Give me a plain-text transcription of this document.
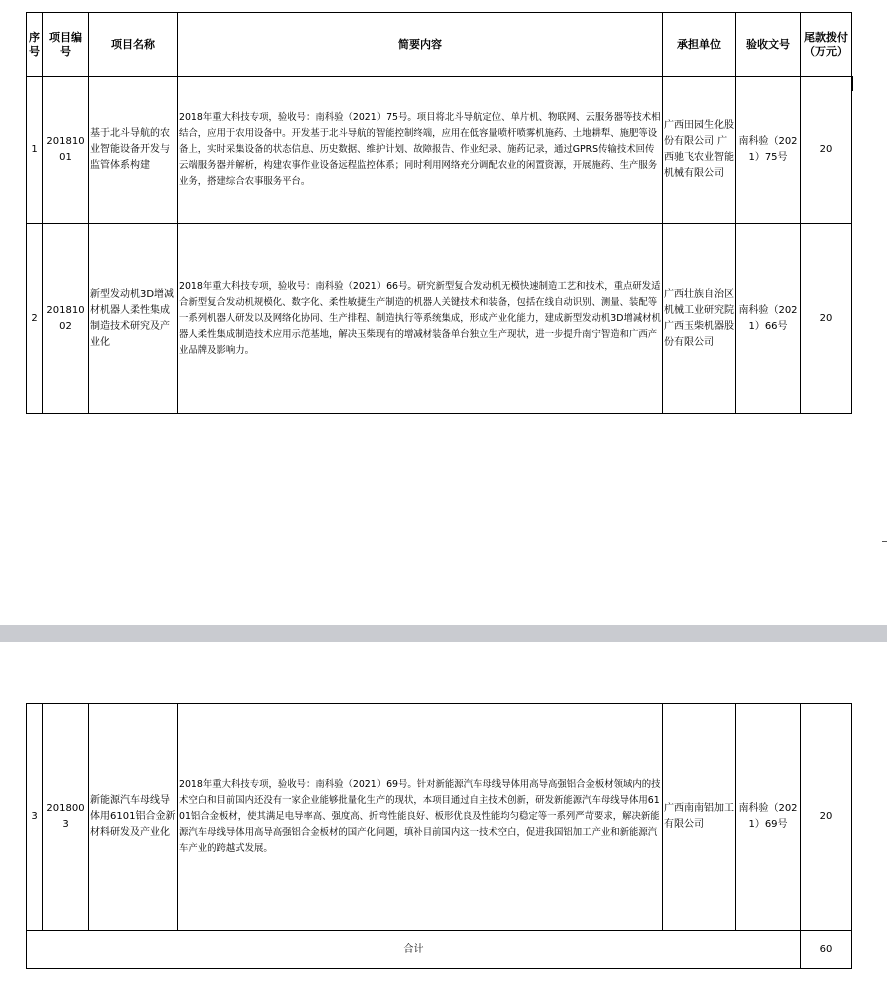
序号	项目编号	项目名称	简要内容	承担单位	验收文号	尾款拨付（万元）
1	20181001	基于北斗导航的农业智能设备开发与监管体系构建	2018年重大科技专项，验收号：南科验（2021）75号。项目将北斗导航定位、单片机、物联网、云服务器等技术相结合，应用于农用设备中。开发基于北斗导航的智能控制终端，应用在低容量喷杆喷雾机施药、土地耕犁、施肥等设备上，实时采集设备的状态信息、历史数据、维护计划、故障报告、作业纪录、施药记录，通过GPRS传输技术回传云端服务器并解析，构建农事作业设备远程监控体系；同时利用网络充分调配农业的闲置资源，开展施药、生产服务业务，搭建综合农事服务平台。	广西田园生化股份有限公司 广西驰飞农业智能机械有限公司	南科验（2021）75号	20
2	20181002	新型发动机3D增减材机器人柔性集成制造技术研究及产业化	2018年重大科技专项，验收号：南科验（2021）66号。研究新型复合发动机无模快速制造工艺和技术，重点研发适合新型复合发动机规模化、数字化、柔性敏捷生产制造的机器人关键技术和装备，包括在线自动识别、测量、装配等一系列机器人研发以及网络化协同、生产排程、制造执行等系统集成，形成产业化能力，建成新型发动机3D增减材机器人柔性集成制造技术应用示范基地，解决玉柴现有的增减材装备单台独立生产现状，进一步提升南宁智造和广西产业品牌及影响力。	广西壮族自治区机械工业研究院 广西玉柴机器股份有限公司	南科验（2021）66号	20
3	2018003	新能源汽车母线导体用6101铝合金新材料研发及产业化	2018年重大科技专项，验收号：南科验（2021）69号。针对新能源汽车母线导体用高导高强铝合金板材领域内的技术空白和目前国内还没有一家企业能够批量化生产的现状，本项目通过自主技术创新，研发新能源汽车母线导体用6101铝合金板材，使其满足电导率高、强度高、折弯性能良好、板形优良及性能均匀稳定等一系列严苛要求，解决新能源汽车母线导体用高导高强铝合金板材的国产化问题，填补目前国内这一技术空白，促进我国铝加工产业和新能源汽车产业的跨越式发展。	广西南南铝加工有限公司	南科验（2021）69号	20
合计						60
